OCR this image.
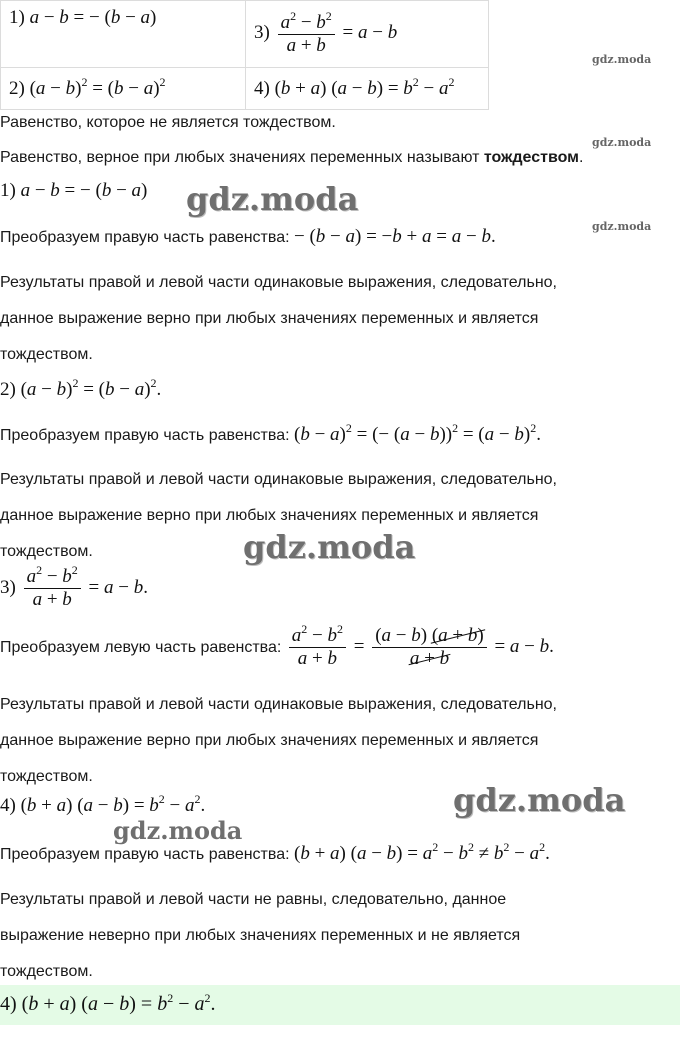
1) a − b = − (b − a)	$3) \frac{a^2 - b^2}{a + b} = a - b$
2) $(a - b)^2 = (b - a)^2$	4) (b + a) $(a - b) = b^2 - a^2$
Равенство, которое не является тождеством.
Равенство, верное при любых значениях переменных называют тождеством.
1) a − b = − (b − a)
Преобразуем правую часть равенства: − (b − a) = −b + a = a − b.
Результаты правой и левой части одинаковые выражения, следовательно,
данное выражение верно при любых значениях переменных и является
тождеством.
2) $(a - b)^2 = (b - a)^2$.
Преобразуем правую часть равенства: $(b - a)^2$ = (− $(a - b))^2 = (a - b)^2$.
Результаты правой и левой части одинаковые выражения, следовательно,
данное выражение верно при любых значениях переменных и является
тождеством.
$3) \frac{a^2 - b^2}{a + b} = a - b$.
Преобразуем левую часть равенства: $\frac{a^2 - b^2}{a + b} = \frac{(a - b) (a + b)}{a + b} = a - b$.
Результаты правой и левой части одинаковые выражения, следовательно,
данное выражение верно при любых значениях переменных и является
тождеством.
4) (b + a) $(a - b) = b^2 - a^2$.
Преобразуем правую часть равенства: (b + a) $(a - b) = a^2 - b^2 \ne b^2 - a^2$.
Результаты правой и левой части не равны, следовательно, данное
выражение неверно при любых значениях переменных и не является
тождеством.
4) (b + a) $(a - b) = b^2 - a^2$.
gdz.moda
gdz.moda
gdz.moda
gdz.moda
gdz.moda
gdz.moda
gdz.moda
